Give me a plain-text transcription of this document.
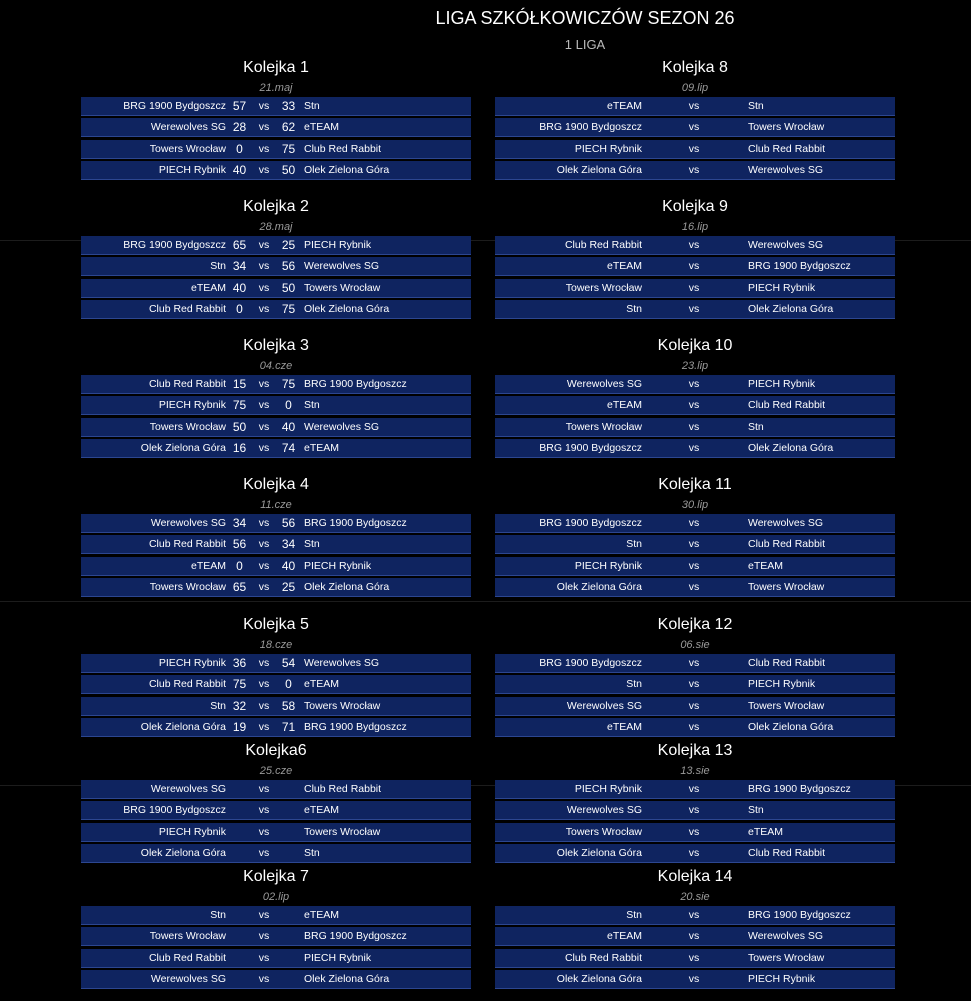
LIGA SZKÓŁKOWICZÓW SEZON 26
1 LIGA
Kolejka 1
21.maj
BRG 1900 Bydgoszcz 57	vs	33 Stn
Werewolves SG 28	vs	62 eTEAM
Towers Wrocław 0	vs	75 Club Red Rabbit
PIECH Rybnik 40	vs	50 Olek Zielona Góra
Kolejka 8
09.lip
eTEAM	vs	Stn
BRG 1900 Bydgoszcz	vs	Towers Wrocław
PIECH Rybnik	vs	Club Red Rabbit
Olek Zielona Góra	vs	Werewolves SG
Kolejka 2
28.maj
BRG 1900 Bydgoszcz 65	vs	25 PIECH Rybnik
Stn 34	vs	56 Werewolves SG
eTEAM 40	vs	50 Towers Wrocław
Club Red Rabbit 0	vs	75 Olek Zielona Góra
Kolejka 9
16.lip
Club Red Rabbit	vs	Werewolves SG
eTEAM	vs	BRG 1900 Bydgoszcz
Towers Wrocław	vs	PIECH Rybnik
Stn	vs	Olek Zielona Góra
Kolejka 3
04.cze
Club Red Rabbit 15	vs	75 BRG 1900 Bydgoszcz
PIECH Rybnik 75	vs	0	Stn
Towers Wrocław 50	vs	40 Werewolves SG
Olek Zielona Góra 16	vs	74 eTEAM
Kolejka 10
23.lip
Werewolves SG	vs	PIECH Rybnik
eTEAM	vs	Club Red Rabbit
Towers Wrocław	vs	Stn
BRG 1900 Bydgoszcz	vs	Olek Zielona Góra
Kolejka 4
11.cze
Werewolves SG 34	vs	56 BRG 1900 Bydgoszcz
Club Red Rabbit 56	vs	34 Stn
eTEAM 0	vs	40 PIECH Rybnik
Towers Wrocław 65	vs	25 Olek Zielona Góra
Kolejka 11
30.lip
BRG 1900 Bydgoszcz	vs	Werewolves SG
Stn	vs	Club Red Rabbit
PIECH Rybnik	vs	eTEAM
Olek Zielona Góra	vs	Towers Wrocław
Kolejka 5
18.cze
PIECH Rybnik 36	vs	54 Werewolves SG
Club Red Rabbit 75	vs	0	eTEAM
Stn 32	vs	58 Towers Wrocław
Olek Zielona Góra 19	vs	71 BRG 1900 Bydgoszcz
Kolejka 12
06.sie
BRG 1900 Bydgoszcz	vs	Club Red Rabbit
Stn	vs	PIECH Rybnik
Werewolves SG	vs	Towers Wrocław
eTEAM	vs	Olek Zielona Góra
Kolejka6
25.cze
Werewolves SG	vs	Club Red Rabbit
BRG 1900 Bydgoszcz	vs	eTEAM
PIECH Rybnik	vs	Towers Wrocław
Olek Zielona Góra	vs	Stn
Kolejka 13
13.sie
PIECH Rybnik	vs	BRG 1900 Bydgoszcz
Werewolves SG	vs	Stn
Towers Wrocław	vs	eTEAM
Olek Zielona Góra	vs	Club Red Rabbit
Kolejka 7
02.lip
Stn	vs	eTEAM
Towers Wrocław	vs	BRG 1900 Bydgoszcz
Club Red Rabbit	vs	PIECH Rybnik
Werewolves SG	vs	Olek Zielona Góra
Kolejka 14
20.sie
Stn	vs	BRG 1900 Bydgoszcz
eTEAM	vs	Werewolves SG
Club Red Rabbit	vs	Towers Wrocław
Olek Zielona Góra	vs	PIECH Rybnik
